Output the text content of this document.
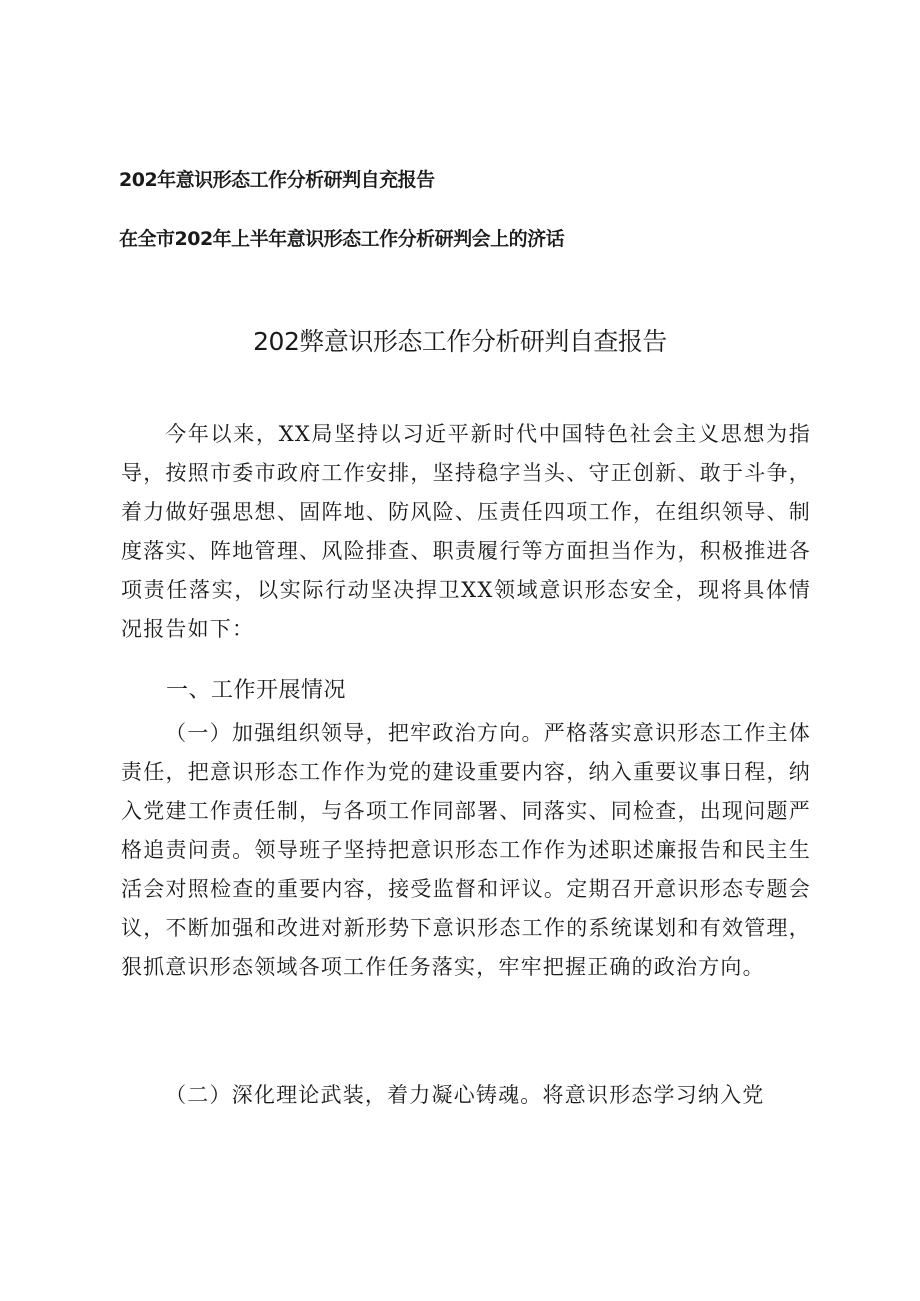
202年意识形态工作分析研判自充报告
在全市202年上半年意识形态工作分析研判会上的济话
202弊意识形态工作分析研判自查报告

今年以来，XX局坚持以习近平新时代中国特色社会主义思想为指导，按照市委市政府工作安排，坚持稳字当头、守正创新、敢于斗争，着力做好强思想、固阵地、防风险、压责任四项工作，在组织领导、制度落实、阵地管理、风险排查、职责履行等方面担当作为，积极推进各项责任落实，以实际行动坚决捍卫XX领域意识形态安全，现将具体情况报告如下：

一、工作开展情况

（一）加强组织领导，把牢政治方向。严格落实意识形态工作主体责任，把意识形态工作作为党的建设重要内容，纳入重要议事日程，纳入党建工作责任制，与各项工作同部署、同落实、同检查，出现问题严格追责问责。领导班子坚持把意识形态工作作为述职述廉报告和民主生活会对照检查的重要内容，接受监督和评议。定期召开意识形态专题会议，不断加强和改进对新形势下意识形态工作的系统谋划和有效管理，狠抓意识形态领域各项工作任务落实，牢牢把握正确的政治方向。

（二）深化理论武装，着力凝心铸魂。将意识形态学习纳入党
